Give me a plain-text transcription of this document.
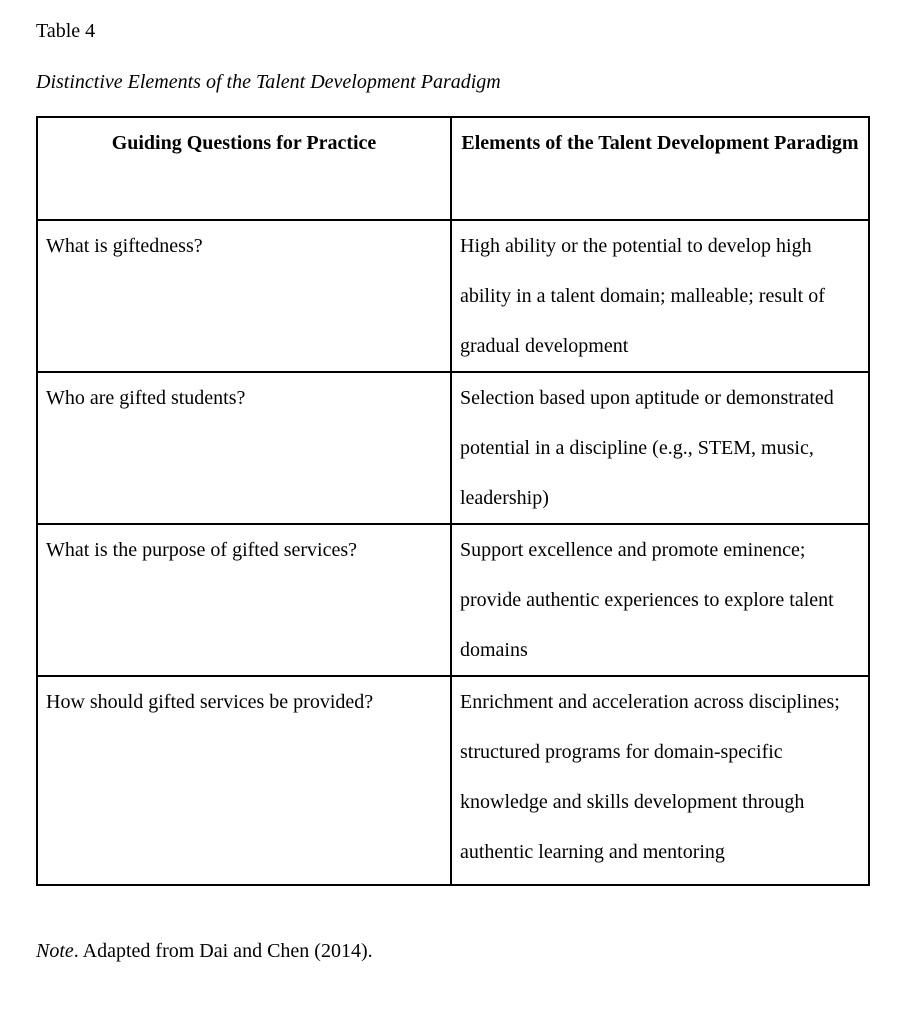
Table 4
Distinctive Elements of the Talent Development Paradigm
Guiding Questions for Practice	Elements of the Talent Development Paradigm
What is giftedness?	High ability or the potential to develop high ability in a talent domain; malleable; result of gradual development
Who are gifted students?	Selection based upon aptitude or demonstrated potential in a discipline (e.g., STEM, music, leadership)
What is the purpose of gifted services?	Support excellence and promote eminence; provide authentic experiences to explore talent domains
How should gifted services be provided?	Enrichment and acceleration across disciplines; structured programs for domain-specific knowledge and skills development through authentic learning and mentoring
Note. Adapted from Dai and Chen (2014).
